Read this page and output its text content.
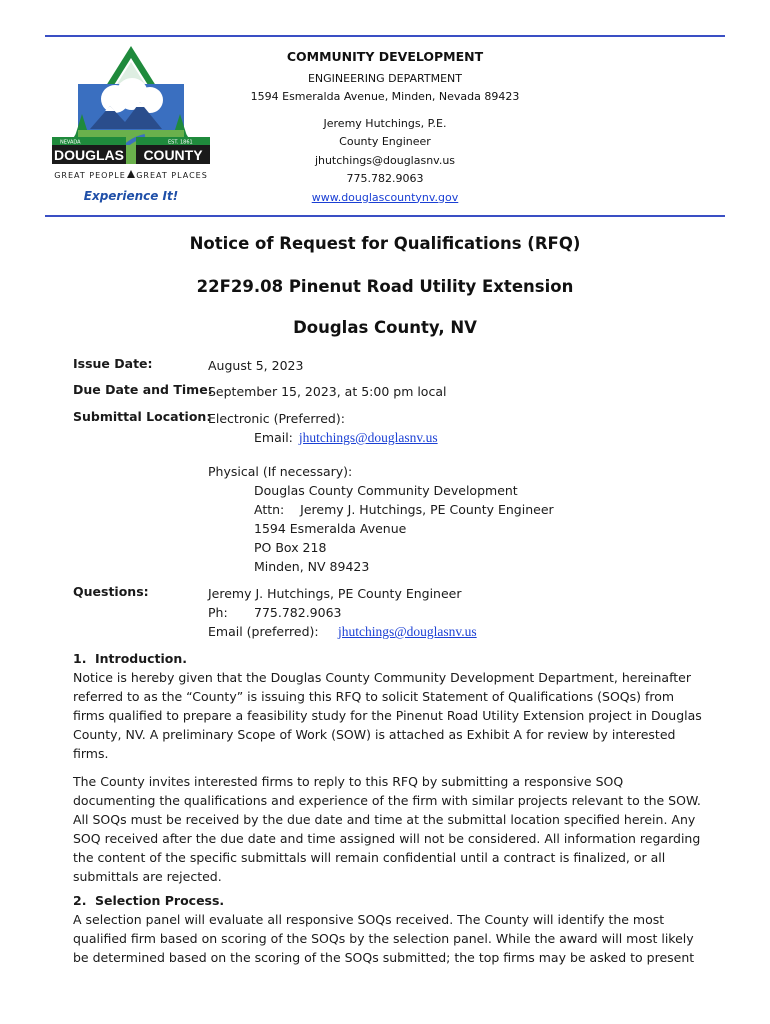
NEVADA	EST. 1861
DOUGLAS COUNTY
GREAT PEOPLE GREAT PLACES
Experience It!
COMMUNITY DEVELOPMENT
ENGINEERING DEPARTMENT
1594 Esmeralda Avenue, Minden, Nevada 89423
Jeremy Hutchings, P.E.
County Engineer
jhutchings@douglasnv.us
775.782.9063
www.douglascountynv.gov
Notice of Request for Qualifications (RFQ)
22F29.08 Pinenut Road Utility Extension
Douglas County, NV
Issue Date:	August 5, 2023
Due Date and Time:
September 15, 2023, at 5:00 pm local
Submittal Location:
Electronic (Preferred):
Email: jhutchings@douglasnv.us
Physical (If necessary):
Douglas County Community Development
Attn:    Jeremy J. Hutchings, PE County Engineer
1594 Esmeralda Avenue
PO Box 218
Minden, NV 89423
Questions:	Jeremy J. Hutchings, PE County Engineer
Ph: 775.782.9063
Email (preferred): jhutchings@douglasnv.us
1. Introduction.

Notice is hereby given that the Douglas County Community Development Department, hereinafter referred to as the “County” is issuing this RFQ to solicit Statement of Qualifications (SOQs) from firms qualified to prepare a feasibility study for the Pinenut Road Utility Extension project in Douglas County, NV. A preliminary Scope of Work (SOW) is attached as Exhibit A for review by interested firms.

The County invites interested firms to reply to this RFQ by submitting a responsive SOQ documenting the qualifications and experience of the firm with similar projects relevant to the SOW. All SOQs must be received by the due date and time at the submittal location specified herein. Any SOQ received after the due date and time assigned will not be considered. All information regarding the content of the specific submittals will remain confidential until a contract is finalized, or all submittals are rejected.

2. Selection Process.

A selection panel will evaluate all responsive SOQs received. The County will identify the most qualified firm based on scoring of the SOQs by the selection panel. While the award will most likely be determined based on the scoring of the SOQs submitted; the top firms may be asked to present
